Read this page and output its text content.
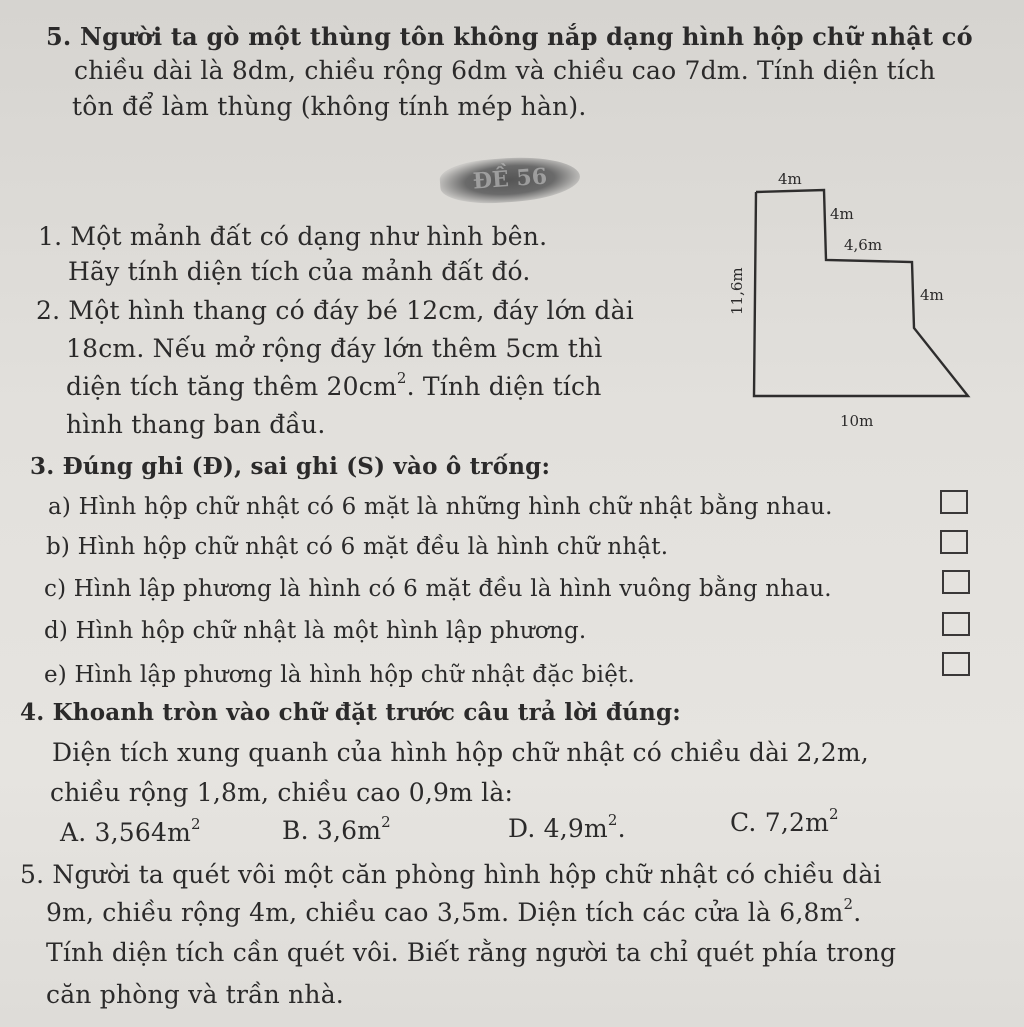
5. Người ta gò một thùng tôn không nắp dạng hình hộp chữ nhật có
chiều dài là 8dm, chiều rộng 6dm và chiều cao 7dm. Tính diện tích
tôn để làm thùng (không tính mép hàn).
ĐỀ 56
1. Một mảnh đất có dạng như hình bên.
Hãy tính diện tích của mảnh đất đó.
2. Một hình thang có đáy bé 12cm, đáy lớn dài
18cm. Nếu mở rộng đáy lớn thêm 5cm thì
diện tích tăng thêm $20cm^2$. Tính diện tích
hình thang ban đầu.
4m
4m
4,6m
4m
11,6m
10m
3. Đúng ghi (Đ), sai ghi (S) vào ô trống:
a) Hình hộp chữ nhật có 6 mặt là những hình chữ nhật bằng nhau.
b) Hình hộp chữ nhật có 6 mặt đều là hình chữ nhật.
c) Hình lập phương là hình có 6 mặt đều là hình vuông bằng nhau.
d) Hình hộp chữ nhật là một hình lập phương.
e) Hình lập phương là hình hộp chữ nhật đặc biệt.
4. Khoanh tròn vào chữ đặt trước câu trả lời đúng:
Diện tích xung quanh của hình hộp chữ nhật có chiều dài 2,2m,
chiều rộng 1,8m, chiều cao 0,9m là:
A. $3,564m^2$	B. $3,6m^2$	D. $4,9m^2$.	C. $7,2m^2$
5. Người ta quét vôi một căn phòng hình hộp chữ nhật có chiều dài
9m, chiều rộng 4m, chiều cao 3,5m. Diện tích các cửa là $6,8m^2$.
Tính diện tích cần quét vôi. Biết rằng người ta chỉ quét phía trong
căn phòng và trần nhà.
